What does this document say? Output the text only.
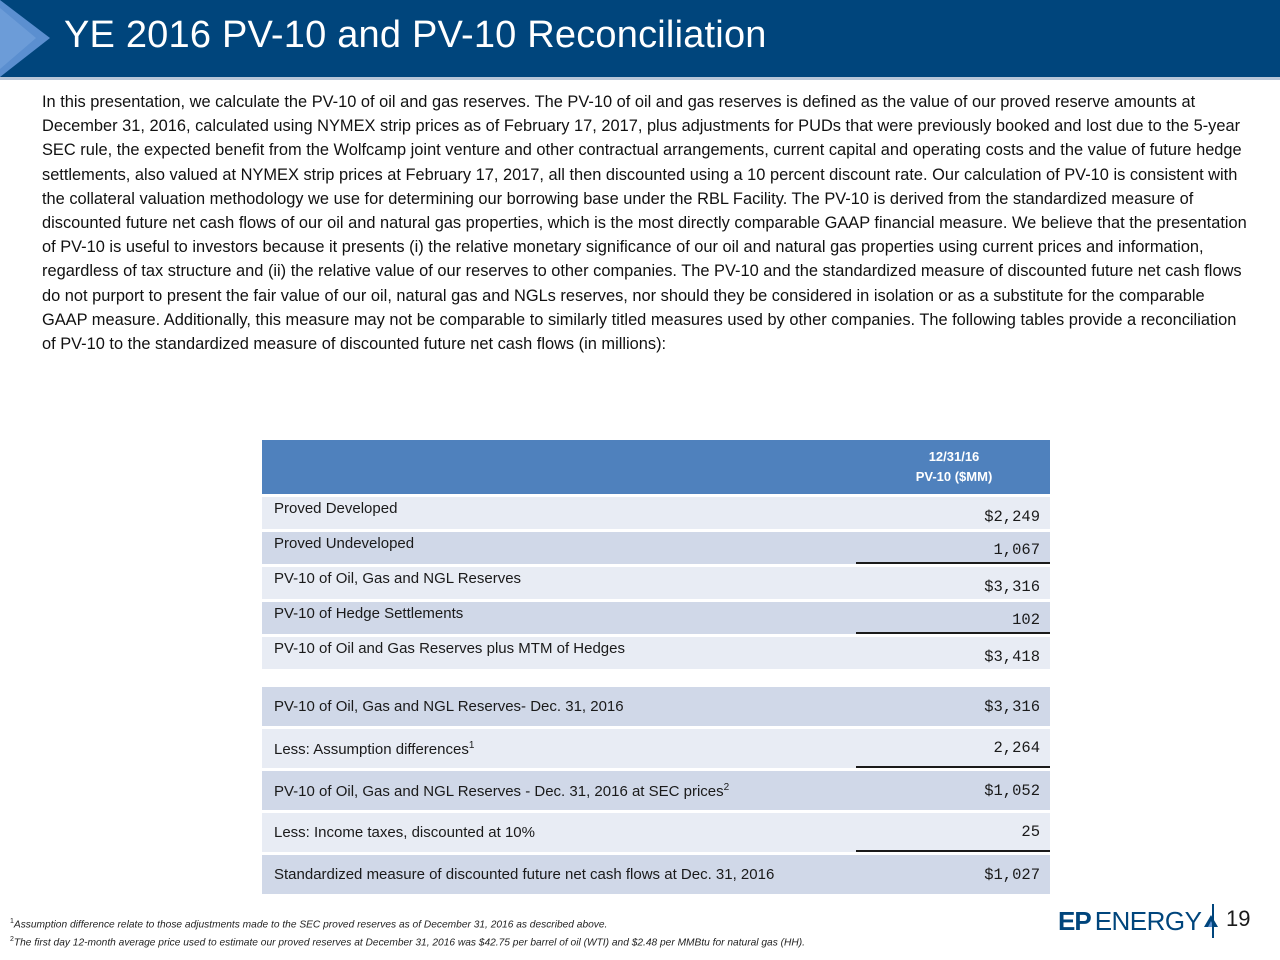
YE 2016 PV-10 and PV-10 Reconciliation
In this presentation, we calculate the PV-10 of oil and gas reserves. The PV-10 of oil and gas reserves is defined as the value of our proved reserve amounts at December 31, 2016, calculated using NYMEX strip prices as of February 17, 2017, plus adjustments for PUDs that were previously booked and lost due to the 5-year SEC rule, the expected benefit from the Wolfcamp joint venture and other contractual arrangements, current capital and operating costs and the value of future hedge settlements, also valued at NYMEX strip prices at February 17, 2017, all then discounted using a 10 percent discount rate. Our calculation of PV-10 is consistent with the collateral valuation methodology we use for determining our borrowing base under the RBL Facility. The PV-10 is derived from the standardized measure of discounted future net cash flows of our oil and natural gas properties, which is the most directly comparable GAAP financial measure. We believe that the presentation of PV-10 is useful to investors because it presents (i) the relative monetary significance of our oil and natural gas properties using current prices and information, regardless of tax structure and (ii) the relative value of our reserves to other companies. The PV-10 and the standardized measure of discounted future net cash flows do not purport to present the fair value of our oil, natural gas and NGLs reserves, nor should they be considered in isolation or as a substitute for the comparable GAAP measure. Additionally, this measure may not be comparable to similarly titled measures used by other companies. The following tables provide a reconciliation of PV-10 to the standardized measure of discounted future net cash flows (in millions):

	12/31/16
PV-10 ($MM)

Proved Developed	$2,249
Proved Undeveloped	1,067
PV-10 of Oil, Gas and NGL Reserves	$3,316
PV-10 of Hedge Settlements	102
PV-10 of Oil and Gas Reserves plus MTM of Hedges	$3,418
PV-10 of Oil, Gas and NGL Reserves- Dec. 31, 2016	$3,316
Less: Assumption differences$^1$	2,264
PV-10 of Oil, Gas and NGL Reserves - Dec. 31, 2016 at SEC prices$^2$	$1,052
Less: Income taxes, discounted at 10%	25
Standardized measure of discounted future net cash flows at Dec. 31, 2016	$1,027
$^1$Assumption difference relate to those adjustments made to the SEC proved reserves as of December 31, 2016 as described above.
$^2$The first day 12-month average price used to estimate our proved reserves at December 31, 2016 was $42.75 per barrel of oil (WTI) and $2.48 per MMBtu for natural gas (HH).
EP ENERGY 19
